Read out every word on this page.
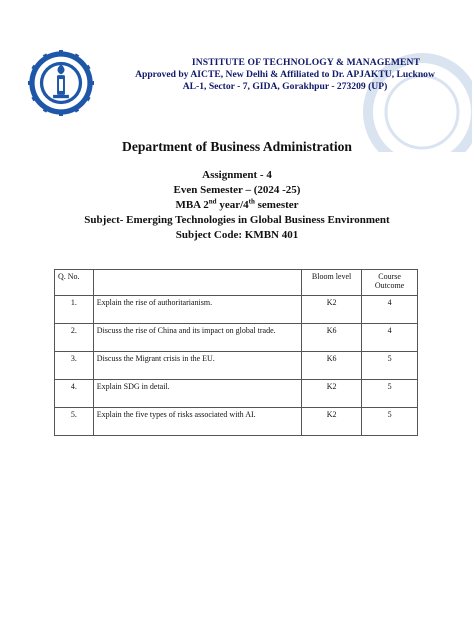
INSTITUTE OF TECHNOLOGY & MANAGEMENT
Approved by AICTE, New Delhi & Affiliated to Dr. APJAKTU, Lucknow
AL-1, Sector - 7, GIDA, Gorakhpur - 273209 (UP)
Department of Business Administration
Assignment - 4
Even Semester – (2024 -25)
MBA 2nd year/4th semester
Subject- Emerging Technologies in Global Business Environment
Subject Code: KMBN 401
Q. No.		Bloom level	Course Outcome
1.	Explain the rise of authoritarianism.	K2	4
2.	Discuss the rise of China and its impact on global trade.	K6	4
3.	Discuss the Migrant crisis in the EU.	K6	5
4.	Explain SDG in detail.	K2	5
5.	Explain the five types of risks associated with AI.	K2	5
